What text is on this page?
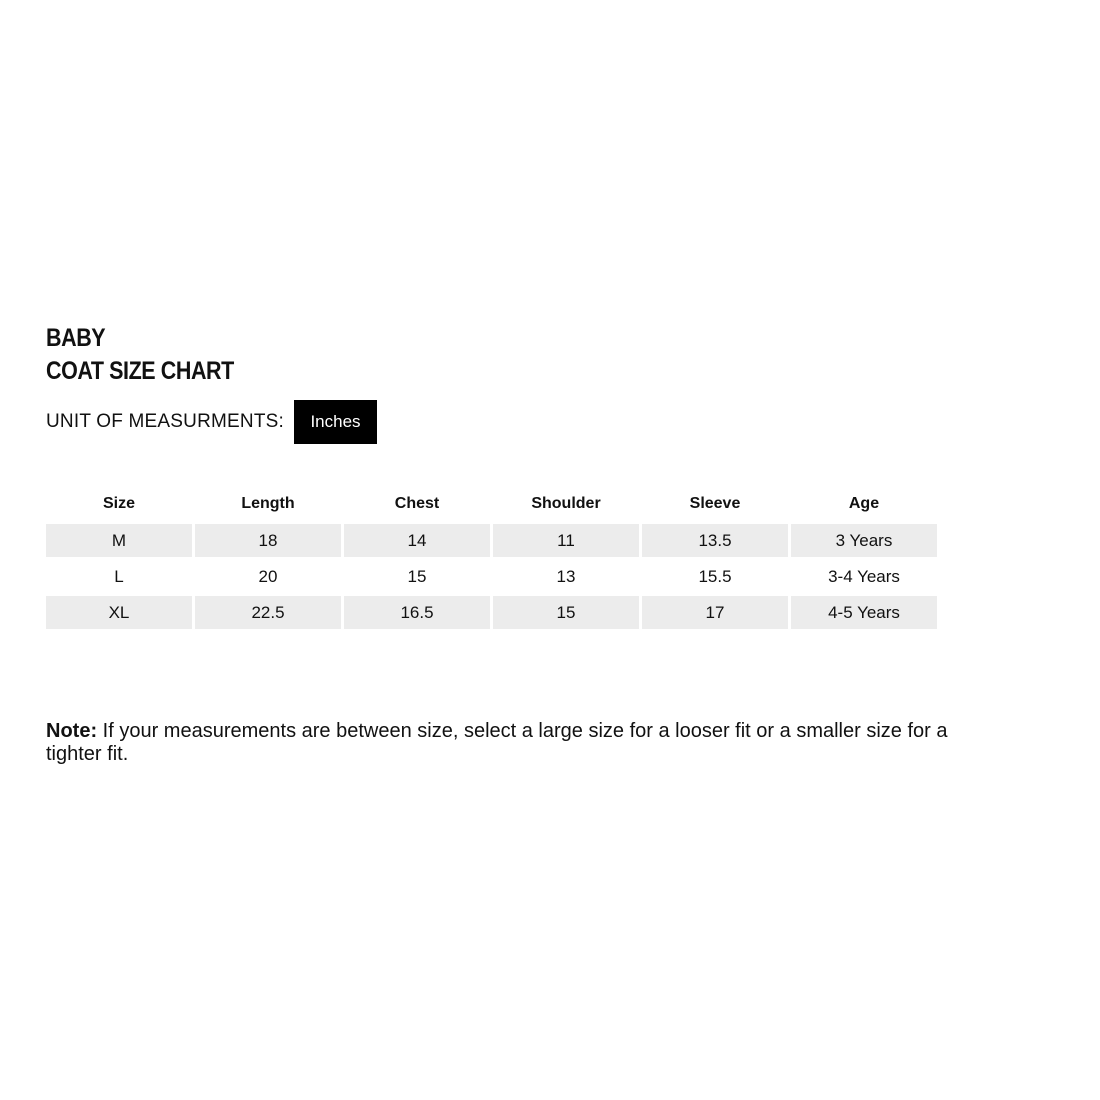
BABY
COAT SIZE CHART
UNIT OF MEASURMENTS:	Inches
Size	Length	Chest	Shoulder	Sleeve	Age
M	18	14	11	13.5	3 Years
L	20	15	13	15.5	3-4 Years
XL	22.5	16.5	15	17	4-5 Years

Note: If your measurements are between size, select a large size for a looser fit or a smaller size for a tighter fit.
